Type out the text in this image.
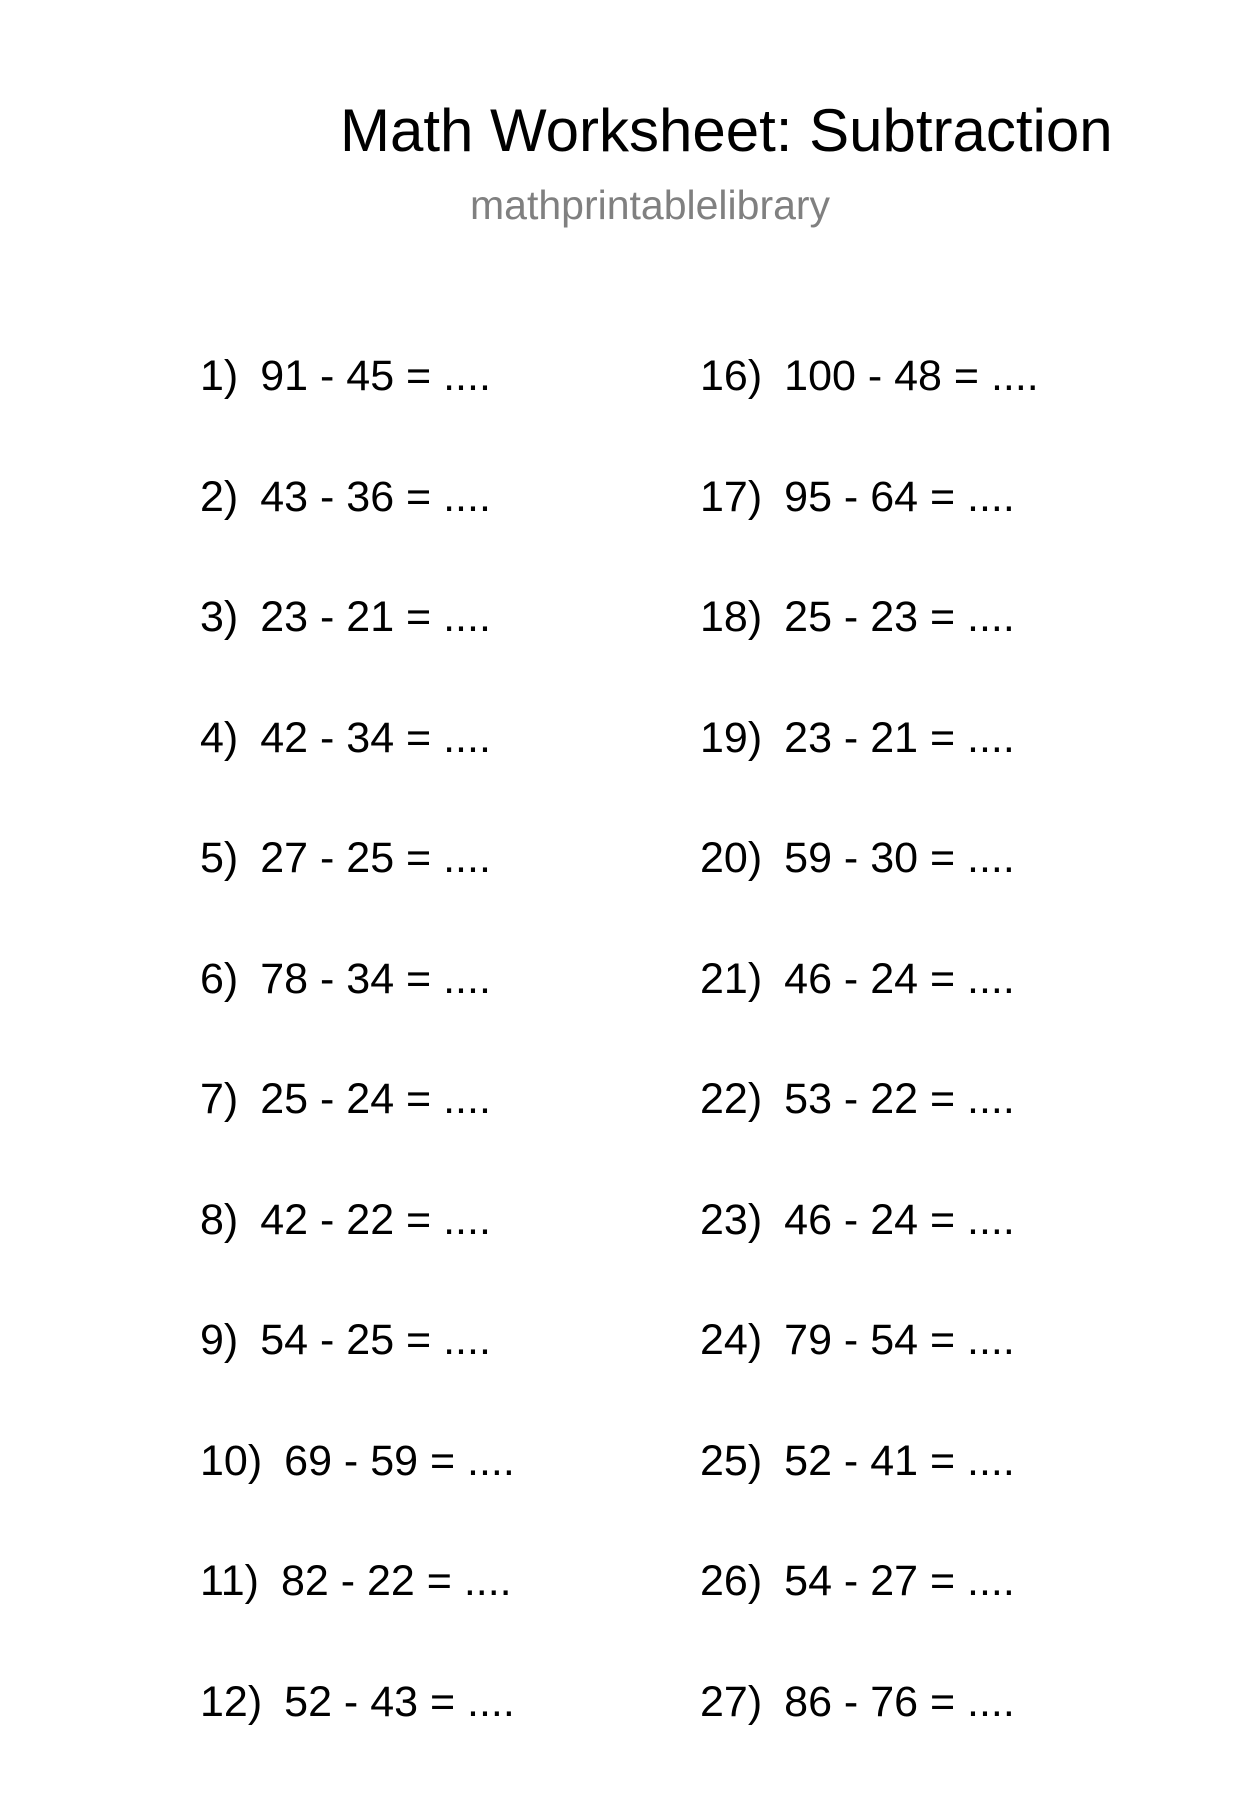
Math Worksheet: Subtraction
mathprintablelibrary
1) 91 - 45 = ....
2) 43 - 36 = ....
3) 23 - 21 = ....
4) 42 - 34 = ....
5) 27 - 25 = ....
6) 78 - 34 = ....
7) 25 - 24 = ....
8) 42 - 22 = ....
9) 54 - 25 = ....
10) 69 - 59 = ....
11) 82 - 22 = ....
12) 52 - 43 = ....
16) 100 - 48 = ....
17) 95 - 64 = ....
18) 25 - 23 = ....
19) 23 - 21 = ....
20) 59 - 30 = ....
21) 46 - 24 = ....
22) 53 - 22 = ....
23) 46 - 24 = ....
24) 79 - 54 = ....
25) 52 - 41 = ....
26) 54 - 27 = ....
27) 86 - 76 = ....
